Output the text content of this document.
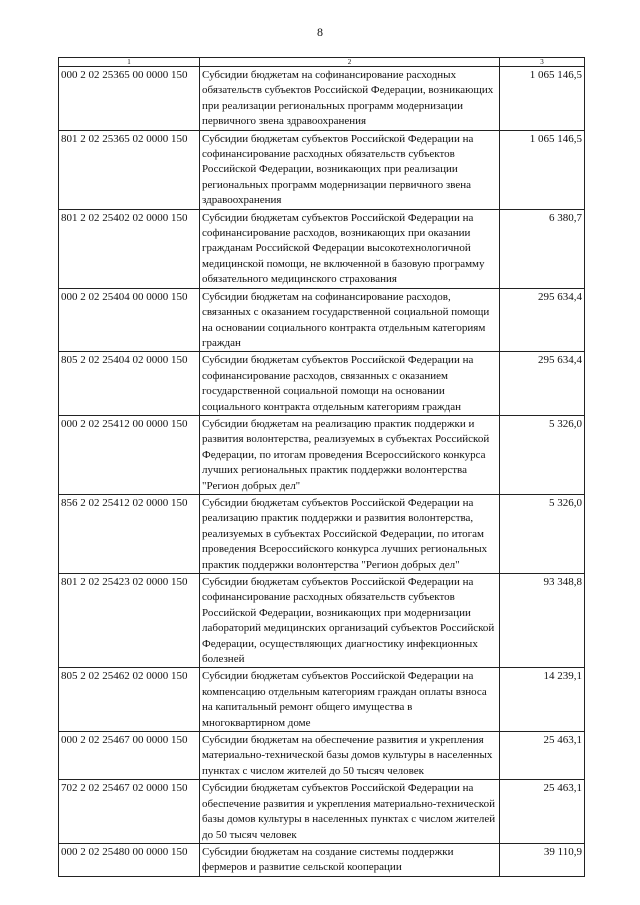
8
1	2	3
000 2 02 25365 00 0000 150	Субсидии бюджетам на софинансирование расходных обязательств субъектов Российской Федерации, возникающих при реализации региональных программ модернизации первичного звена здравоохранения	1 065 146,5
801 2 02 25365 02 0000 150	Субсидии бюджетам субъектов Российской Федерации на софинансирование расходных обязательств субъектов Российской Федерации, возникающих при реализации региональных программ модернизации первичного звена здравоохранения	1 065 146,5
801 2 02 25402 02 0000 150	Субсидии бюджетам субъектов Российской Федерации на софинансирование расходов, возникающих при оказании гражданам Российской Федерации высокотехнологичной медицинской помощи, не включенной в базовую программу обязательного медицинского страхования	6 380,7
000 2 02 25404 00 0000 150	Субсидии бюджетам на софинансирование расходов, связанных с оказанием государственной социальной помощи на основании социального контракта отдельным категориям граждан	295 634,4
805 2 02 25404 02 0000 150	Субсидии бюджетам субъектов Российской Федерации на софинансирование расходов, связанных с оказанием государственной социальной помощи на основании социального контракта отдельным категориям граждан	295 634,4
000 2 02 25412 00 0000 150	Субсидии бюджетам на реализацию практик поддержки и развития волонтерства, реализуемых в субъектах Российской Федерации, по итогам проведения Всероссийского конкурса лучших региональных практик поддержки волонтерства "Регион добрых дел"	5 326,0
856 2 02 25412 02 0000 150	Субсидии бюджетам субъектов Российской Федерации на реализацию практик поддержки и развития волонтерства, реализуемых в субъектах Российской Федерации, по итогам проведения Всероссийского конкурса лучших региональных практик поддержки волонтерства "Регион добрых дел"	5 326,0
801 2 02 25423 02 0000 150	Субсидии бюджетам субъектов Российской Федерации на софинансирование расходных обязательств субъектов Российской Федерации, возникающих при модернизации лабораторий медицинских организаций субъектов Российской Федерации, осуществляющих диагностику инфекционных болезней	93 348,8
805 2 02 25462 02 0000 150	Субсидии бюджетам субъектов Российской Федерации на компенсацию отдельным категориям граждан оплаты взноса на капитальный ремонт общего имущества в многоквартирном доме	14 239,1
000 2 02 25467 00 0000 150	Субсидии бюджетам на обеспечение развития и укрепления материально-технической базы домов культуры в населенных пунктах с числом жителей до 50 тысяч человек	25 463,1
702 2 02 25467 02 0000 150	Субсидии бюджетам субъектов Российской Федерации на обеспечение развития и укрепления материально-технической базы домов культуры в населенных пунктах с числом жителей до 50 тысяч человек	25 463,1
000 2 02 25480 00 0000 150	Субсидии бюджетам на создание системы поддержки фермеров и развитие сельской кооперации	39 110,9
